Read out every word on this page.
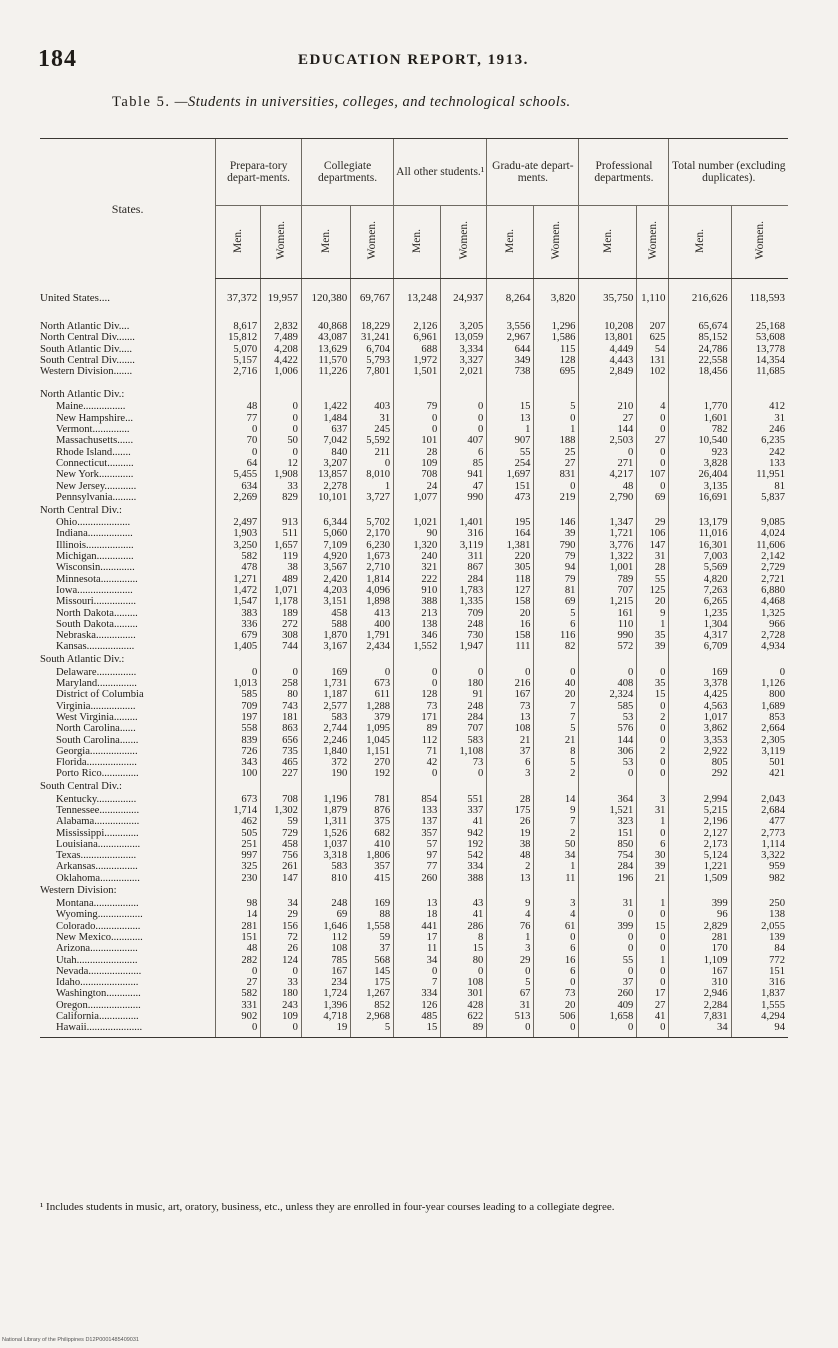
184	EDUCATION REPORT, 1913.
Table 5. —Students in universities, colleges, and technological schools.
States.	Prepara-tory depart-ments.		Collegiate departments.		All other students.¹		Gradu-ate depart-ments.		Professional departments.		Total number (excluding duplicates).	
	Men.	Women.	Men.	Women.	Men.	Women.	Men.	Women.	Men.	Women.	Men.	Women.
United States....	37,372	19,957	120,380	69,767	13,248	24,937	8,264	3,820	35,750	1,110	216,626	118,593

North Atlantic Div....	8,617	2,832	40,868	18,229	2,126	3,205	3,556	1,296	10,208	207	65,674	25,168
North Central Div.......	15,812	7,489	43,087	31,241	6,961	13,059	2,967	1,586	13,801	625	85,152	53,608
South Atlantic Div.....	5,070	4,208	13,629	6,704	688	3,334	644	115	4,449	54	24,786	13,778
South Central Div.......	5,157	4,422	11,570	5,793	1,972	3,327	349	128	4,443	131	22,558	14,354
Western Division.......	2,716	1,006	11,226	7,801	1,501	2,021	738	695	2,849	102	18,456	11,685

North Atlantic Div.:												
Maine................	48	0	1,422	403	79	0	15	5	210	4	1,770	412
New Hampshire...	77	0	1,484	31	0	0	13	0	27	0	1,601	31
Vermont..............	0	0	637	245	0	0	1	1	144	0	782	246
Massachusetts......	70	50	7,042	5,592	101	407	907	188	2,503	27	10,540	6,235
Rhode Island.......	0	0	840	211	28	6	55	25	0	0	923	242
Connecticut..........	64	12	3,207	0	109	85	254	27	271	0	3,828	133
New York.............	5,455	1,908	13,857	8,010	708	941	1,697	831	4,217	107	26,404	11,951
New Jersey............	634	33	2,278	1	24	47	151	0	48	0	3,135	81
Pennsylvania.........	2,269	829	10,101	3,727	1,077	990	473	219	2,790	69	16,691	5,837
North Central Div.:												
Ohio....................	2,497	913	6,344	5,702	1,021	1,401	195	146	1,347	29	13,179	9,085
Indiana.................	1,903	511	5,060	2,170	90	316	164	39	1,721	106	11,016	4,024
Illinois..................	3,250	1,657	7,109	6,230	1,320	3,119	1,381	790	3,776	147	16,301	11,606
Michigan..............	582	119	4,920	1,673	240	311	220	79	1,322	31	7,003	2,142
Wisconsin.............	478	38	3,567	2,710	321	867	305	94	1,001	28	5,569	2,729
Minnesota..............	1,271	489	2,420	1,814	222	284	118	79	789	55	4,820	2,721
Iowa.....................	1,472	1,071	4,203	4,096	910	1,783	127	81	707	125	7,263	6,880
Missouri................	1,547	1,178	3,151	1,898	388	1,335	158	69	1,215	20	6,265	4,468
North Dakota.........	383	189	458	413	213	709	20	5	161	9	1,235	1,325
South Dakota.........	336	272	588	400	138	248	16	6	110	1	1,304	966
Nebraska...............	679	308	1,870	1,791	346	730	158	116	990	35	4,317	2,728
Kansas..................	1,405	744	3,167	2,434	1,552	1,947	111	82	572	39	6,709	4,934
South Atlantic Div.:												
Delaware...............	0	0	169	0	0	0	0	0	0	0	169	0
Maryland...............	1,013	258	1,731	673	0	180	216	40	408	35	3,378	1,126
District of Columbia	585	80	1,187	611	128	91	167	20	2,324	15	4,425	800
Virginia.................	709	743	2,577	1,288	73	248	73	7	585	0	4,563	1,689
West Virginia.........	197	181	583	379	171	284	13	7	53	2	1,017	853
North Carolina......	558	863	2,744	1,095	89	707	108	5	576	0	3,862	2,664
South Carolina.......	839	656	2,246	1,045	112	583	21	21	144	0	3,353	2,305
Georgia..................	726	735	1,840	1,151	71	1,108	37	8	306	2	2,922	3,119
Florida...................	343	465	372	270	42	73	6	5	53	0	805	501
Porto Rico..............	100	227	190	192	0	0	3	2	0	0	292	421
South Central Div.:												
Kentucky...............	673	708	1,196	781	854	551	28	14	364	3	2,994	2,043
Tennessee...............	1,714	1,302	1,879	876	133	337	175	9	1,521	31	5,215	2,684
Alabama.................	462	59	1,311	375	137	41	26	7	323	1	2,196	477
Mississippi.............	505	729	1,526	682	357	942	19	2	151	0	2,127	2,773
Louisiana................	251	458	1,037	410	57	192	38	50	850	6	2,173	1,114
Texas.....................	997	756	3,318	1,806	97	542	48	34	754	30	5,124	3,322
Arkansas................	325	261	583	357	77	334	2	1	284	39	1,221	959
Oklahoma...............	230	147	810	415	260	388	13	11	196	21	1,509	982
Western Division:												
Montana.................	98	34	248	169	13	43	9	3	31	1	399	250
Wyoming.................	14	29	69	88	18	41	4	4	0	0	96	138
Colorado.................	281	156	1,646	1,558	441	286	76	61	399	15	2,829	2,055
New Mexico............	151	72	112	59	17	8	1	0	0	0	281	139
Arizona..................	48	26	108	37	11	15	3	6	0	0	170	84
Utah.......................	282	124	785	568	34	80	29	16	55	1	1,109	772
Nevada....................	0	0	167	145	0	0	0	6	0	0	167	151
Idaho......................	27	33	234	175	7	108	5	0	37	0	310	316
Washington.............	582	180	1,724	1,267	334	301	67	73	260	17	2,946	1,837
Oregon....................	331	243	1,396	852	126	428	31	20	409	27	2,284	1,555
California...............	902	109	4,718	2,968	485	622	513	506	1,658	41	7,831	4,294
Hawaii.....................	0	0	19	5	15	89	0	0	0	0	34	94
¹ Includes students in music, art, oratory, business, etc., unless they are enrolled in four-year courses leading to a collegiate degree.
National Library of the Philippines D12P0001485409031
